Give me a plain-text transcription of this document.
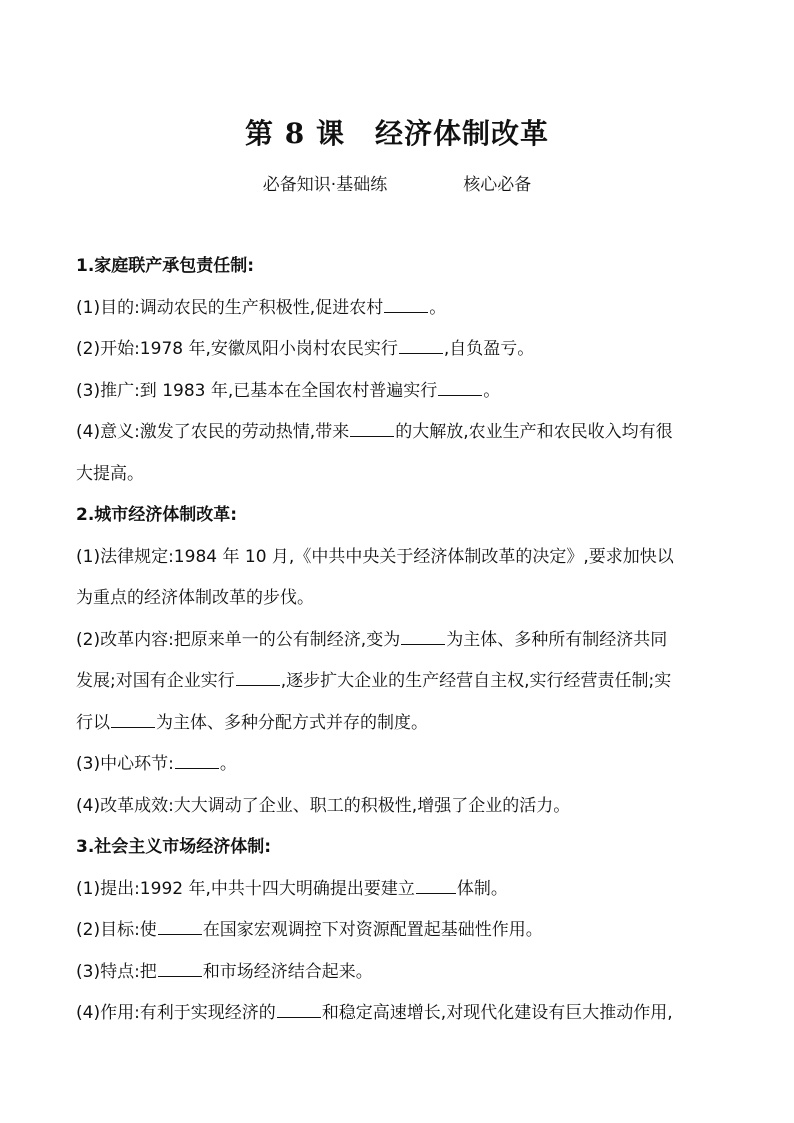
第 8 课 经济体制改革
必备知识·基础练	核心必备
1.家庭联产承包责任制:
(1)目的:调动农民的生产积极性,促进农村	。
(2)开始:1978 年,安徽凤阳小岗村农民实行	,自负盈亏。
(3)推广:到 1983 年,已基本在全国农村普遍实行	。
(4)意义:激发了农民的劳动热情,带来	的大解放,农业生产和农民收入均有很
大提高。
2.城市经济体制改革:
(1)法律规定:1984 年 10 月,《中共中央关于经济体制改革的决定》,要求加快以
为重点的经济体制改革的步伐。
(2)改革内容:把原来单一的公有制经济,变为	为主体、多种所有制经济共同
发展;对国有企业实行	,逐步扩大企业的生产经营自主权,实行经营责任制;实
行以	为主体、多种分配方式并存的制度。
(3)中心环节:	。
(4)改革成效:大大调动了企业、职工的积极性,增强了企业的活力。
3.社会主义市场经济体制:
(1)提出:1992 年,中共十四大明确提出要建立 体制。
(2)目标:使	在国家宏观调控下对资源配置起基础性作用。
(3)特点:把	和市场经济结合起来。
(4)作用:有利于实现经济的	和稳定高速增长,对现代化建设有巨大推动作用,
